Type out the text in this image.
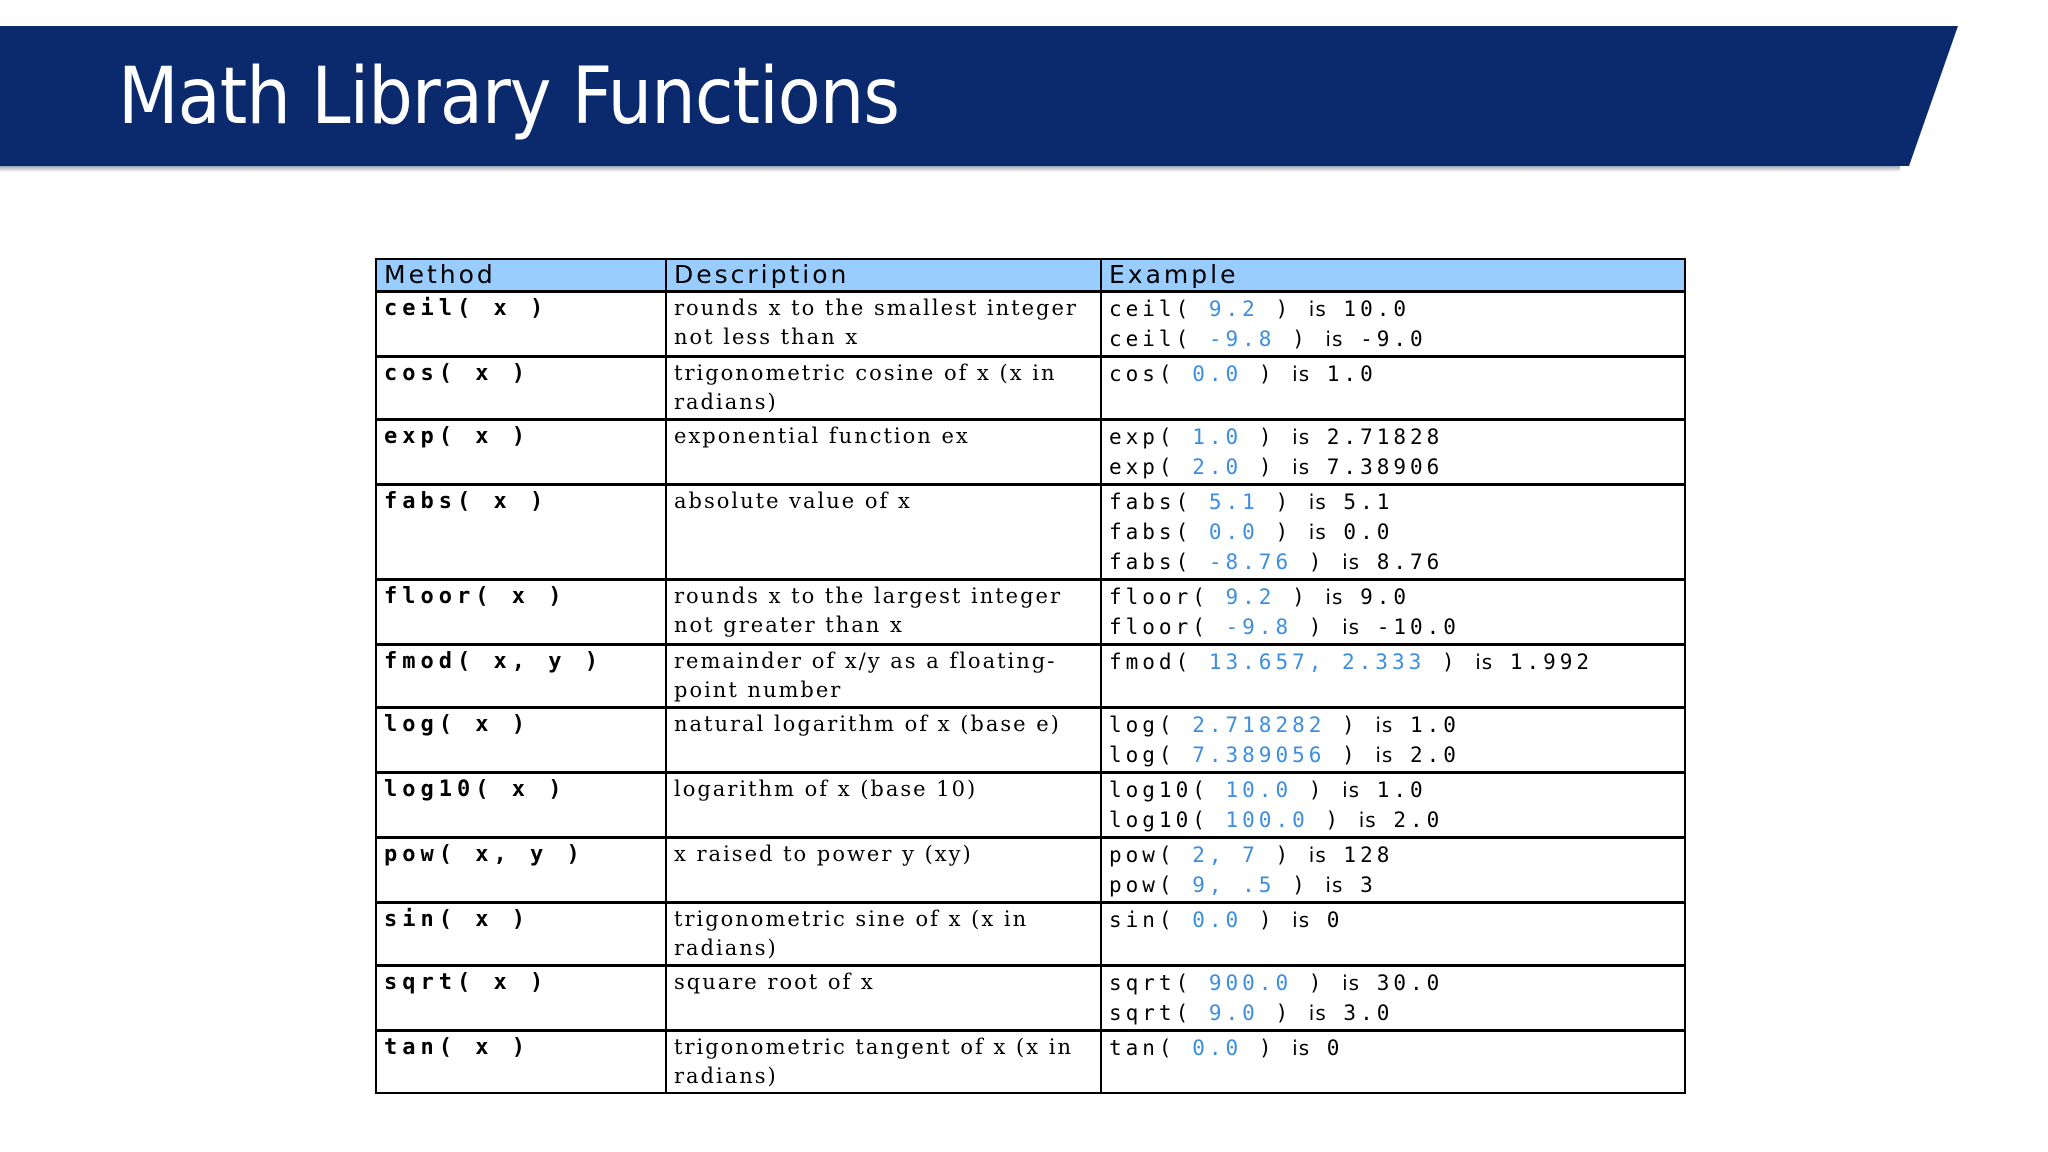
Math Library Functions
Method	Description	Example
ceil( x )	rounds x to the smallest integer not less than x	ceil( 9.2 ) is 10.0
ceil( -9.8 ) is -9.0

cos( x )	trigonometric cosine of x (x in radians)	cos( 0.0 ) is 1.0

exp( x )	exponential function ex	exp( 1.0 ) is 2.71828
exp( 2.0 ) is 7.38906

fabs( x )	absolute value of x	fabs( 5.1 ) is 5.1
fabs( 0.0 ) is 0.0
fabs( -8.76 ) is 8.76

floor( x )	rounds x to the largest integer not greater than x	floor( 9.2 ) is 9.0
floor( -9.8 ) is -10.0

fmod( x, y )	remainder of x/y as a floating-point number	fmod( 13.657, 2.333 ) is 1.992

log( x )	natural logarithm of x (base e)	log( 2.718282 ) is 1.0
log( 7.389056 ) is 2.0

log10( x )	logarithm of x (base 10)	log10( 10.0 ) is 1.0
log10( 100.0 ) is 2.0

pow( x, y )	x raised to power y (xy)	pow( 2, 7 ) is 128
pow( 9, .5 ) is 3

sin( x )	trigonometric sine of x (x in radians)	sin( 0.0 ) is 0

sqrt( x )	square root of x	sqrt( 900.0 ) is 30.0
sqrt( 9.0 ) is 3.0

tan( x )	trigonometric tangent of x (x in radians)	tan( 0.0 ) is 0
